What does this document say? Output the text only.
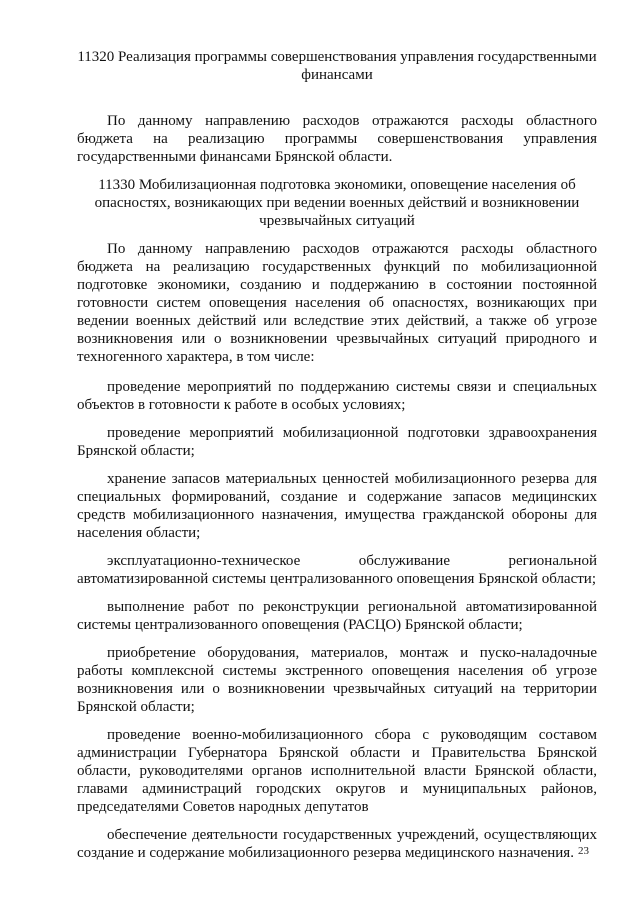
11320 Реализация программы совершенствования управления государственными финансами

По данному направлению расходов отражаются расходы областного бюджета на реализацию программы совершенствования управления государственными финансами Брянской области.

11330 Мобилизационная подготовка экономики, оповещение населения об опасностях, возникающих при ведении военных действий и возникновении чрезвычайных ситуаций

По данному направлению расходов отражаются расходы областного бюджета на реализацию государственных функций по мобилизационной подготовке экономики, созданию и поддержанию в состоянии постоянной готовности систем оповещения населения об опасностях, возникающих при ведении военных действий или вследствие этих действий, а также об угрозе возникновения или о возникновении чрезвычайных ситуаций природного и техногенного характера, в том числе:

проведение мероприятий по поддержанию системы связи и специальных объектов в готовности к работе в особых условиях;

проведение мероприятий мобилизационной подготовки здравоохранения Брянской области;

хранение запасов материальных ценностей мобилизационного резерва для специальных формирований, создание и содержание запасов медицинских средств мобилизационного назначения, имущества гражданской обороны для населения области;

эксплуатационно-техническое обслуживание региональной автоматизированной системы централизованного оповещения Брянской области;

выполнение работ по реконструкции региональной автоматизированной системы централизованного оповещения (РАСЦО) Брянской области;

приобретение оборудования, материалов, монтаж и пуско-наладочные работы комплексной системы экстренного оповещения населения об угрозе возникновения или о возникновении чрезвычайных ситуаций на территории Брянской области;

проведение военно-мобилизационного сбора с руководящим составом администрации Губернатора Брянской области и Правительства Брянской области, руководителями органов исполнительной власти Брянской области, главами администраций городских округов и муниципальных районов, председателями Советов народных депутатов

обеспечение деятельности государственных учреждений, осуществляющих создание и содержание мобилизационного резерва медицинского назначения. 23
